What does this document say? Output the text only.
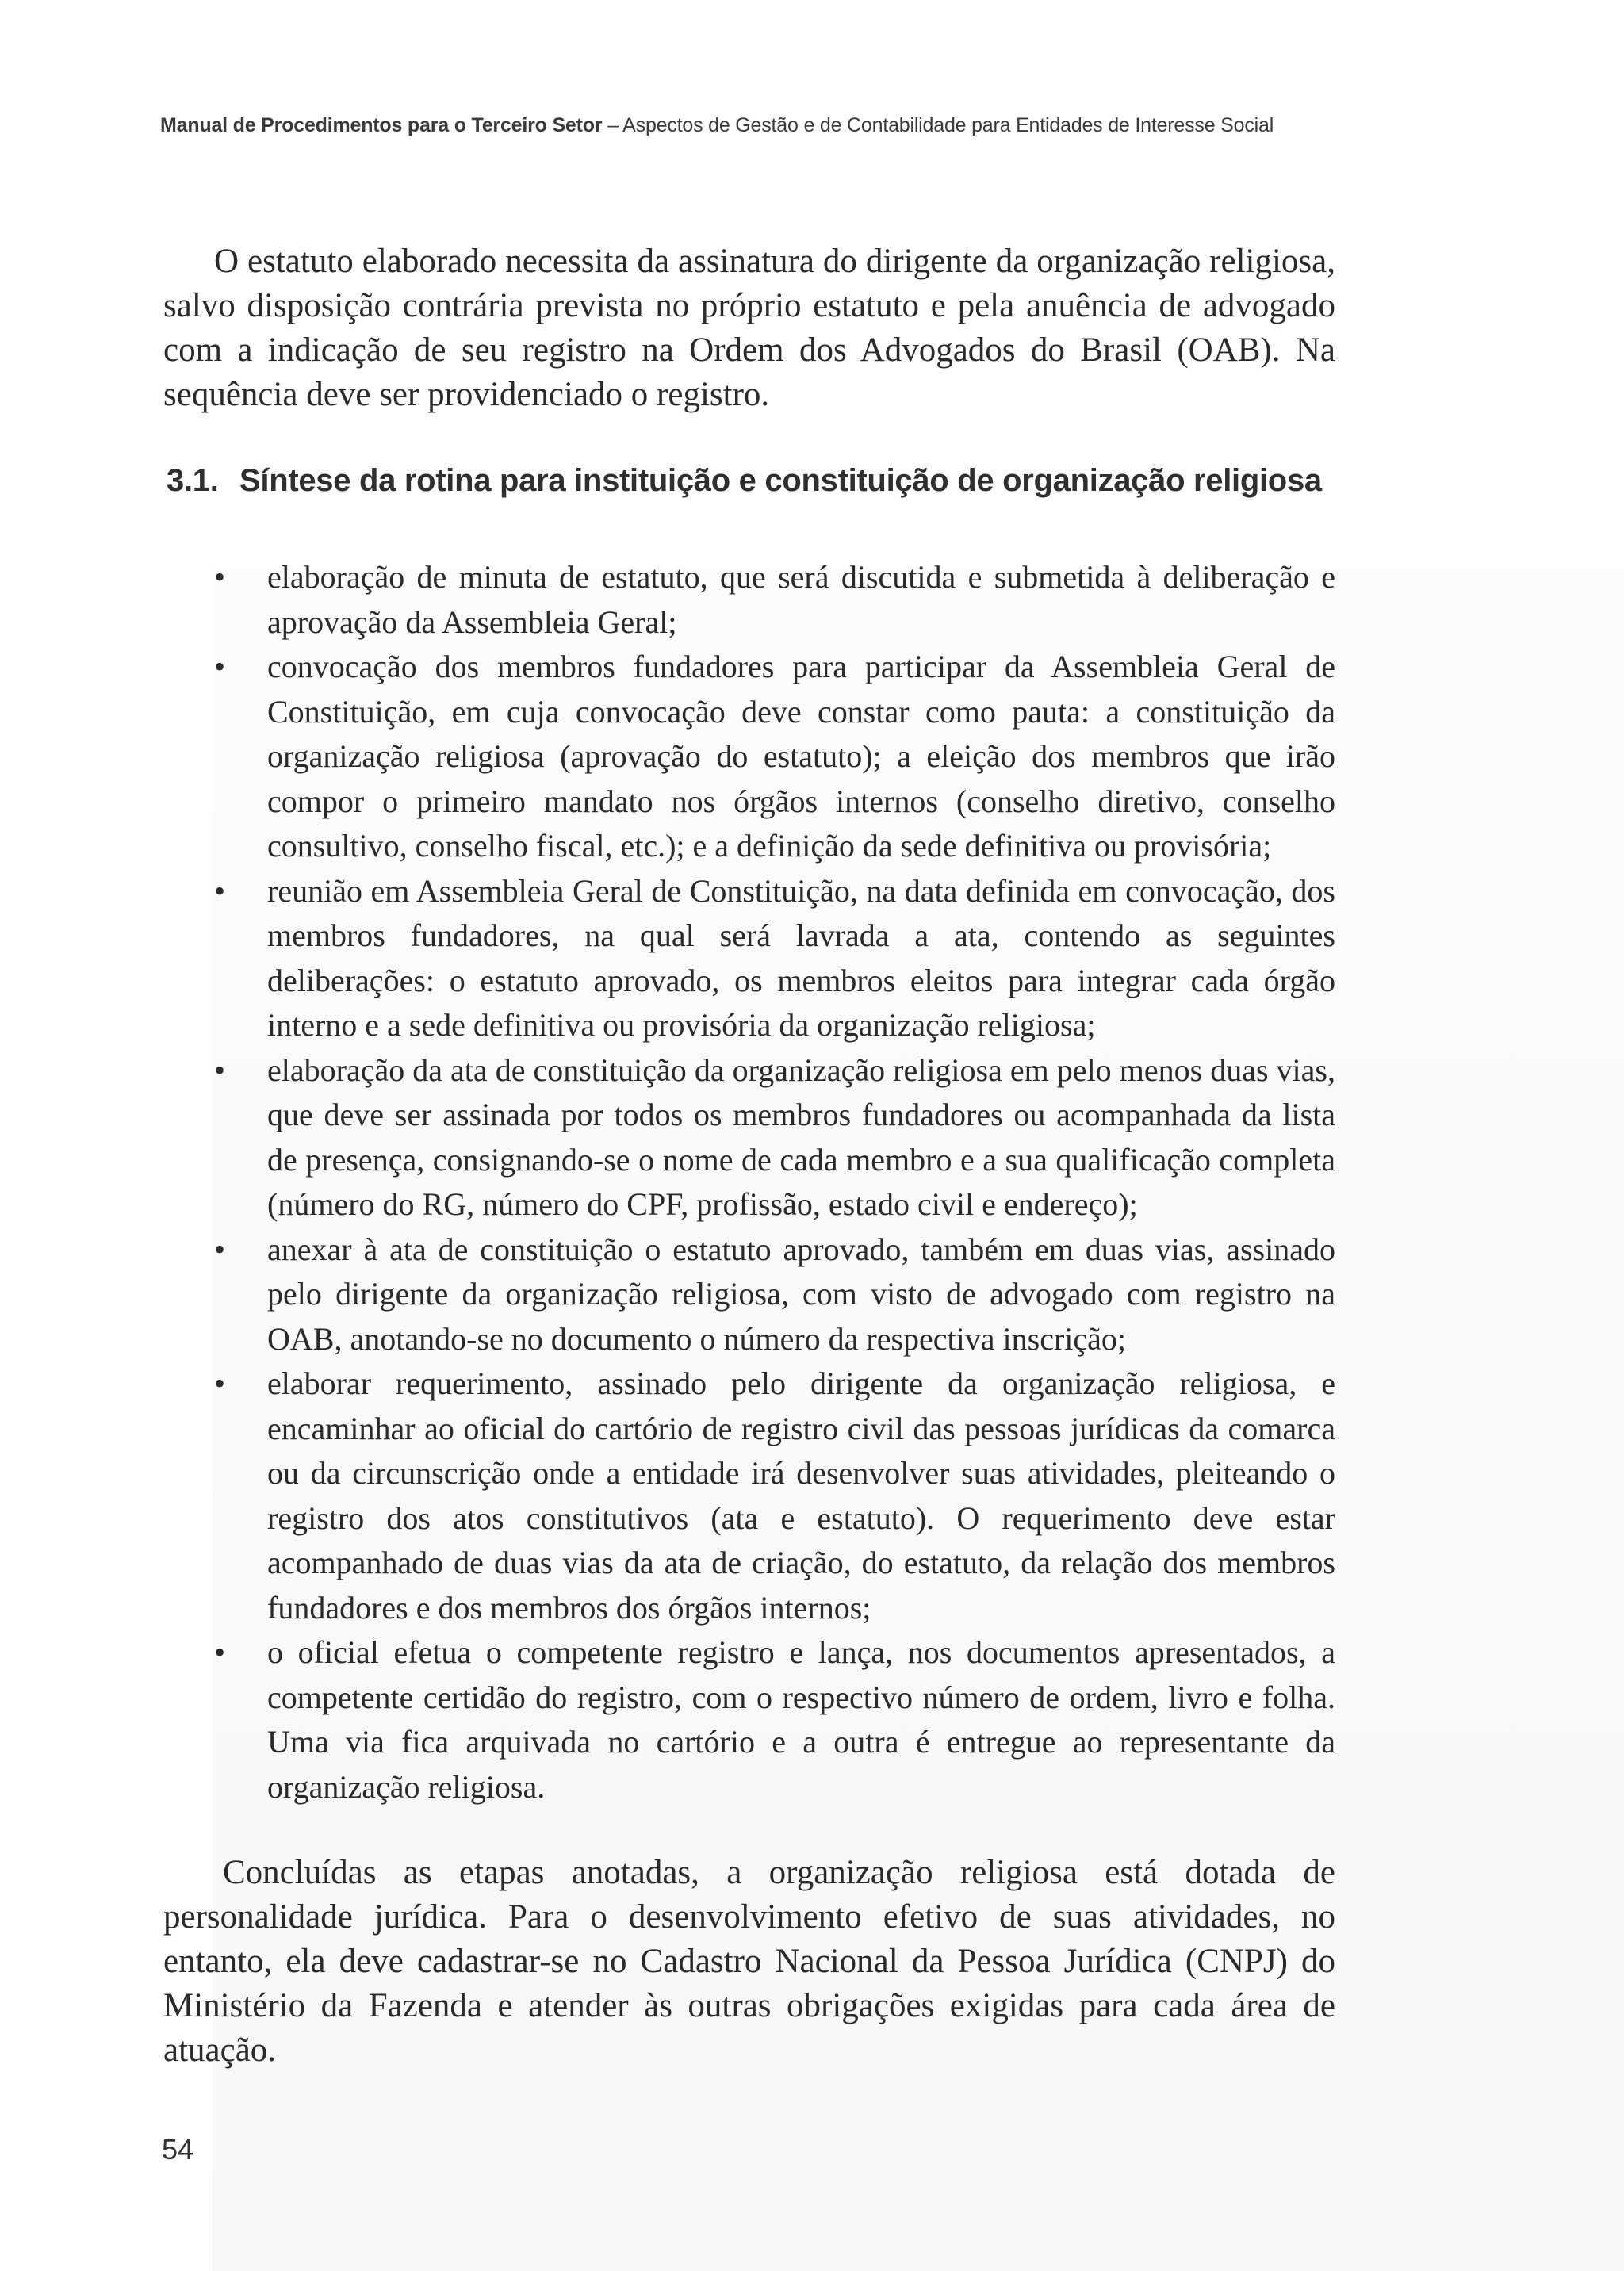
Manual de Procedimentos para o Terceiro Setor – Aspectos de Gestão e de Contabilidade para Entidades de Interesse Social

O estatuto elaborado necessita da assinatura do dirigente da organização religiosa, salvo disposição contrária prevista no próprio estatuto e pela anuência de advogado com a indicação de seu registro na Ordem dos Advogados do Brasil (OAB). Na sequência deve ser providenciado o registro.

3.1. Síntese da rotina para instituição e constituição de organização religiosa
• elaboração de minuta de estatuto, que será discutida e submetida à deliberação e aprovação da Assembleia Geral;
• convocação dos membros fundadores para participar da Assembleia Geral de Constituição, em cuja convocação deve constar como pauta: a constituição da organização religiosa (aprovação do estatuto); a eleição dos membros que irão compor o primeiro mandato nos órgãos internos (conselho diretivo, conselho consultivo, conselho fiscal, etc.); e a definição da sede definitiva ou provisória;
• reunião em Assembleia Geral de Constituição, na data definida em convocação, dos membros fundadores, na qual será lavrada a ata, contendo as seguintes deliberações: o estatuto aprovado, os membros eleitos para integrar cada órgão interno e a sede definitiva ou provisória da organização religiosa;
• elaboração da ata de constituição da organização religiosa em pelo menos duas vias, que deve ser assinada por todos os membros fundadores ou acompanhada da lista de presença, consignando-se o nome de cada membro e a sua qualificação completa (número do RG, número do CPF, profissão, estado civil e endereço);
• anexar à ata de constituição o estatuto aprovado, também em duas vias, assinado pelo dirigente da organização religiosa, com visto de advogado com registro na OAB, anotando-se no documento o número da respectiva inscrição;
• elaborar requerimento, assinado pelo dirigente da organização religiosa, e encaminhar ao oficial do cartório de registro civil das pessoas jurídicas da comarca ou da circunscrição onde a entidade irá desenvolver suas atividades, pleiteando o registro dos atos constitutivos (ata e estatuto). O requerimento deve estar acompanhado de duas vias da ata de criação, do estatuto, da relação dos membros fundadores e dos membros dos órgãos internos;
• o oficial efetua o competente registro e lança, nos documentos apresentados, a competente certidão do registro, com o respectivo número de ordem, livro e folha. Uma via fica arquivada no cartório e a outra é entregue ao representante da organização religiosa.

Concluídas as etapas anotadas, a organização religiosa está dotada de personalidade jurídica. Para o desenvolvimento efetivo de suas atividades, no entanto, ela deve cadastrar-se no Cadastro Nacional da Pessoa Jurídica (CNPJ) do Ministério da Fazenda e atender às outras obrigações exigidas para cada área de atuação.

54
